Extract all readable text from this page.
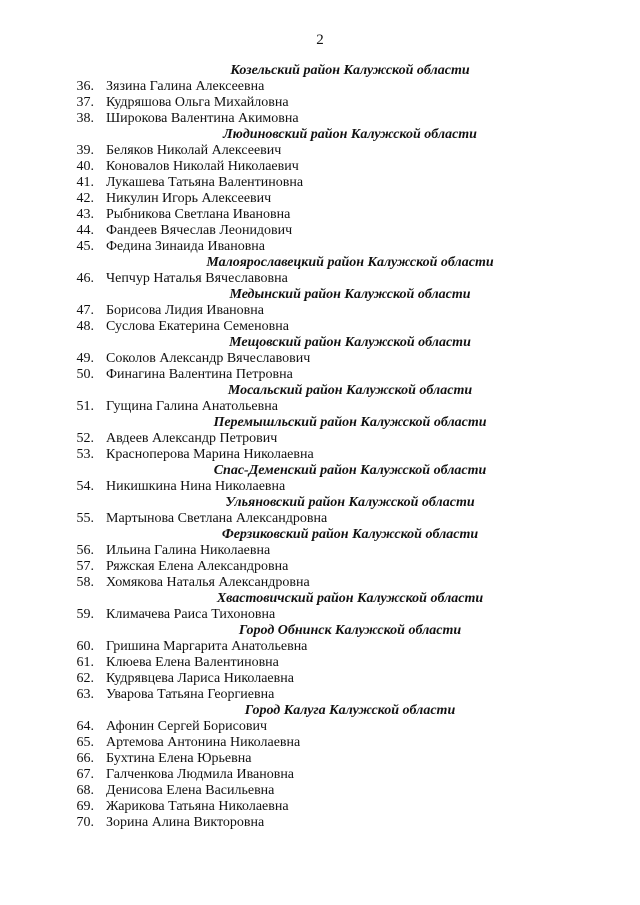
2
Козельский район Калужской области
36. Зязина Галина Алексеевна
37. Кудряшова Ольга Михайловна
38. Широкова Валентина Акимовна
Людиновский район Калужской области
39. Беляков Николай Алексеевич
40. Коновалов Николай Николаевич
41. Лукашева Татьяна Валентиновна
42. Никулин Игорь Алексеевич
43. Рыбникова Светлана Ивановна
44. Фандеев Вячеслав Леонидович
45. Федина Зинаида Ивановна
Малоярославецкий район Калужской области
46. Чепчур Наталья Вячеславовна
Медынский район Калужской области
47. Борисова Лидия Ивановна
48. Суслова Екатерина Семеновна
Мещовский район Калужской области
49. Соколов Александр Вячеславович
50. Финагина Валентина Петровна
Мосальский район Калужской области
51. Гущина Галина Анатольевна
Перемышльский район Калужской области
52. Авдеев Александр Петрович
53. Краснoперова Марина Николаевна
Спас-Деменский район Калужской области
54. Никишкина Нина Николаевна
Ульяновский район Калужской области
55. Мартынова Светлана Александровна
Ферзиковский район Калужской области
56. Ильина Галина Николаевна
57. Ряжская Елена Александровна
58. Хомякова Наталья Александровна
Хвастовичский район Калужской области
59. Климачева Раиса Тихоновна
Город Обнинск Калужской области
60. Гришина Маргарита Анатольевна
61. Клюева Елена Валентиновна
62. Кудрявцева Лариса Николаевна
63. Уварова Татьяна Георгиевна
Город Калуга Калужской области
64. Афонин Сергей Борисович
65. Артемова Антонина Николаевна
66. Бухтина Елена Юрьевна
67. Галченкова Людмила Ивановна
68. Денисова Елена Васильевна
69. Жарикова Татьяна Николаевна
70. Зорина Алина Викторовна
